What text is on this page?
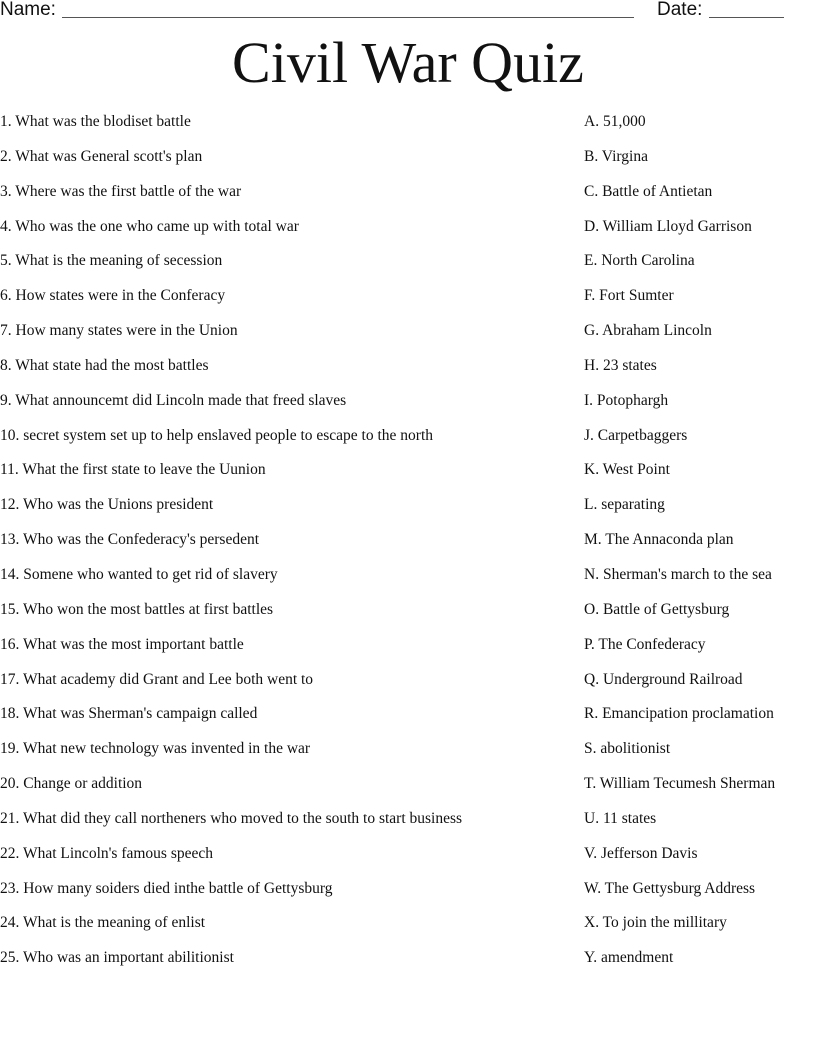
Name:	Date:
Civil War Quiz
1. What was the blodiset battle
2. What was General scott's plan
3. Where was the first battle of the war
4. Who was the one who came up with total war
5. What is the meaning of secession
6. How states were in the Conferacy
7. How many states were in the Union
8. What state had the most battles
9. What announcemt did Lincoln made that freed slaves
10. secret system set up to help enslaved people to escape to the north
11. What the first state to leave the Uunion
12. Who was the Unions president
13. Who was the Confederacy's persedent
14. Somene who wanted to get rid of slavery
15. Who won the most battles at first battles
16. What was the most important battle
17. What academy did Grant and Lee both went to
18. What was Sherman's campaign called
19. What new technology was invented in the war
20. Change or addition
21. What did they call northeners who moved to the south to start business
22. What Lincoln's famous speech
23. How many soiders died inthe battle of Gettysburg
24. What is the meaning of enlist
25. Who was an important abilitionist
A. 51,000
B. Virgina
C. Battle of Antietan
D. William Lloyd Garrison
E. North Carolina
F. Fort Sumter
G. Abraham Lincoln
H. 23 states
I. Potophargh
J. Carpetbaggers
K. West Point
L. separating
M. The Annaconda plan
N. Sherman's march to the sea
O. Battle of Gettysburg
P. The Confederacy
Q. Underground Railroad
R. Emancipation proclamation
S. abolitionist
T. William Tecumesh Sherman
U. 11 states
V. Jefferson Davis
W. The Gettysburg Address
X. To join the millitary
Y. amendment
